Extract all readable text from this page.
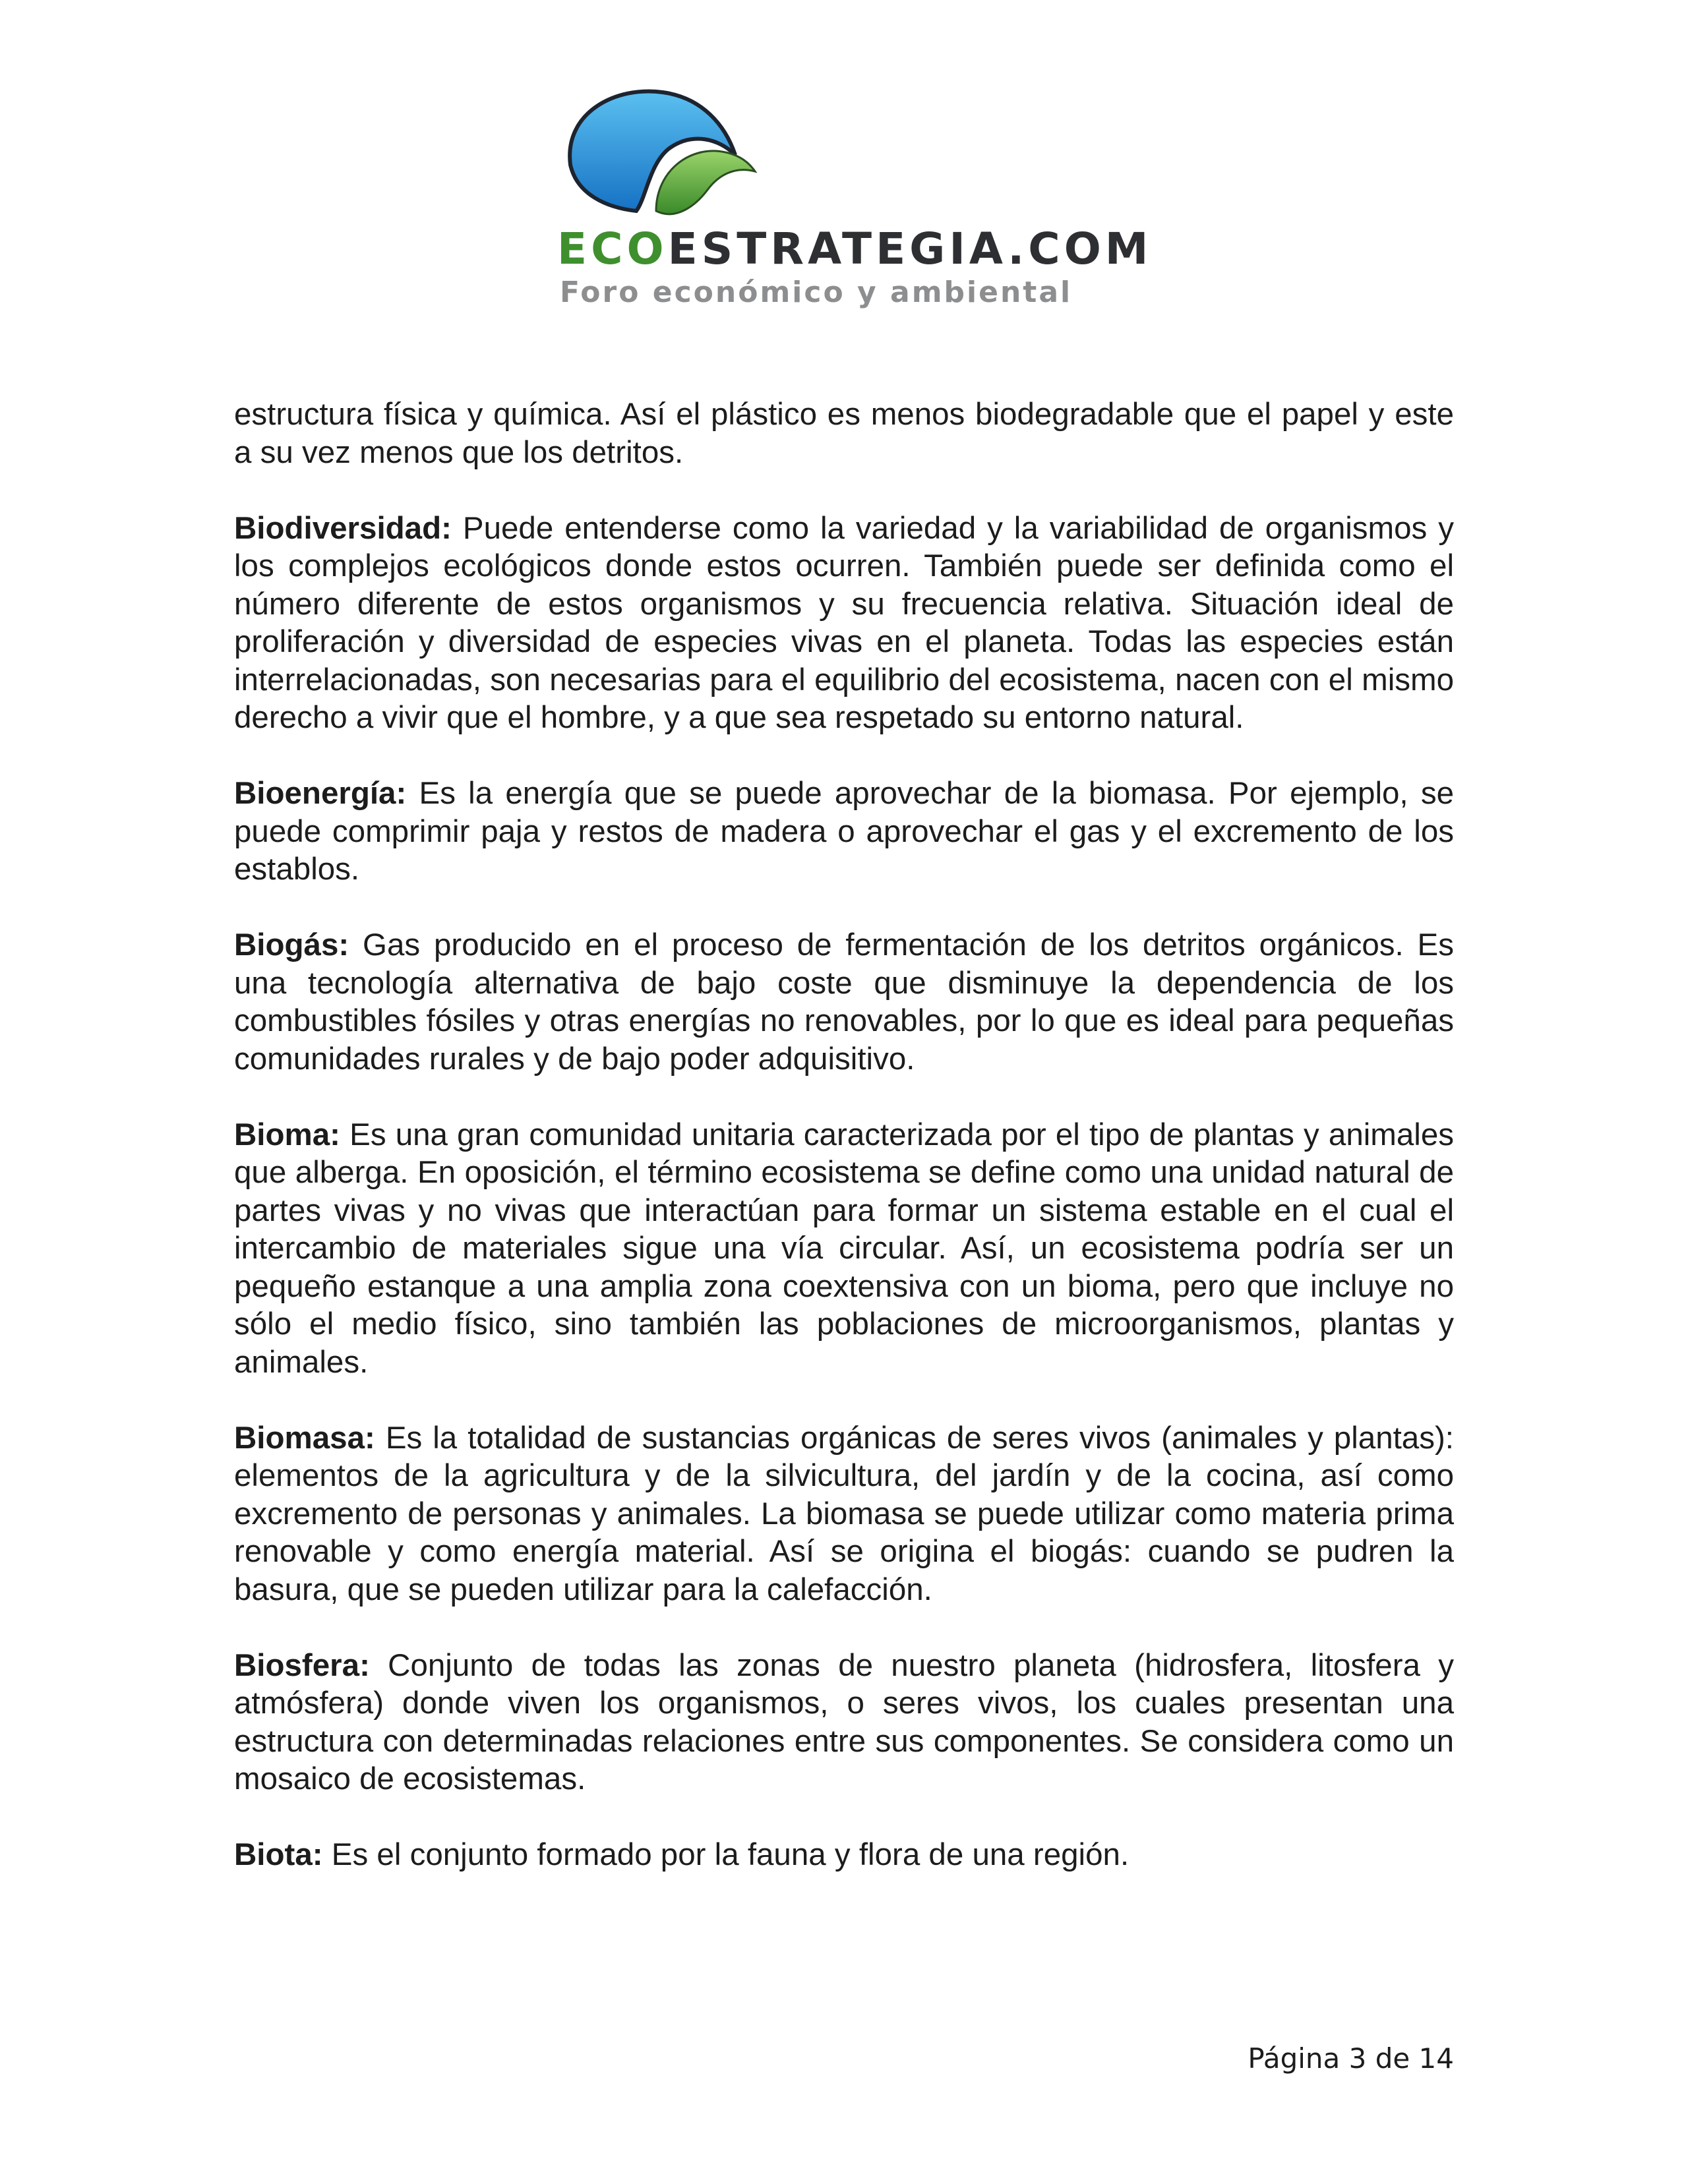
ECOESTRATEGIA.COM
Foro económico y ambiental

estructura física y química. Así el plástico es menos biodegradable que el papel y este a su vez menos que los detritos.

Biodiversidad: Puede entenderse como la variedad y la variabilidad de organismos y los complejos ecológicos donde estos ocurren. También puede ser definida como el número diferente de estos organismos y su frecuencia relativa. Situación ideal de proliferación y diversidad de especies vivas en el planeta. Todas las especies están interrelacionadas, son necesarias para el equilibrio del ecosistema, nacen con el mismo derecho a vivir que el hombre, y a que sea respetado su entorno natural.

Bioenergía: Es la energía que se puede aprovechar de la biomasa. Por ejemplo, se puede comprimir paja y restos de madera o aprovechar el gas y el excremento de los establos.

Biogás: Gas producido en el proceso de fermentación de los detritos orgánicos. Es una tecnología alternativa de bajo coste que disminuye la dependencia de los combustibles fósiles y otras energías no renovables, por lo que es ideal para pequeñas comunidades rurales y de bajo poder adquisitivo.

Bioma: Es una gran comunidad unitaria caracterizada por el tipo de plantas y animales que alberga. En oposición, el término ecosistema se define como una unidad natural de partes vivas y no vivas que interactúan para formar un sistema estable en el cual el intercambio de materiales sigue una vía circular. Así, un ecosistema podría ser un pequeño estanque a una amplia zona coextensiva con un bioma, pero que incluye no sólo el medio físico, sino también las poblaciones de microorganismos, plantas y animales.

Biomasa: Es la totalidad de sustancias orgánicas de seres vivos (animales y plantas): elementos de la agricultura y de la silvicultura, del jardín y de la cocina, así como excremento de personas y animales. La biomasa se puede utilizar como materia prima renovable y como energía material. Así se origina el biogás: cuando se pudren la basura, que se pueden utilizar para la calefacción.

Biosfera: Conjunto de todas las zonas de nuestro planeta (hidrosfera, litosfera y atmósfera) donde viven los organismos, o seres vivos, los cuales presentan una estructura con determinadas relaciones entre sus componentes. Se considera como un mosaico de ecosistemas.

Biota: Es el conjunto formado por la fauna y flora de una región.

Página 3 de 14
